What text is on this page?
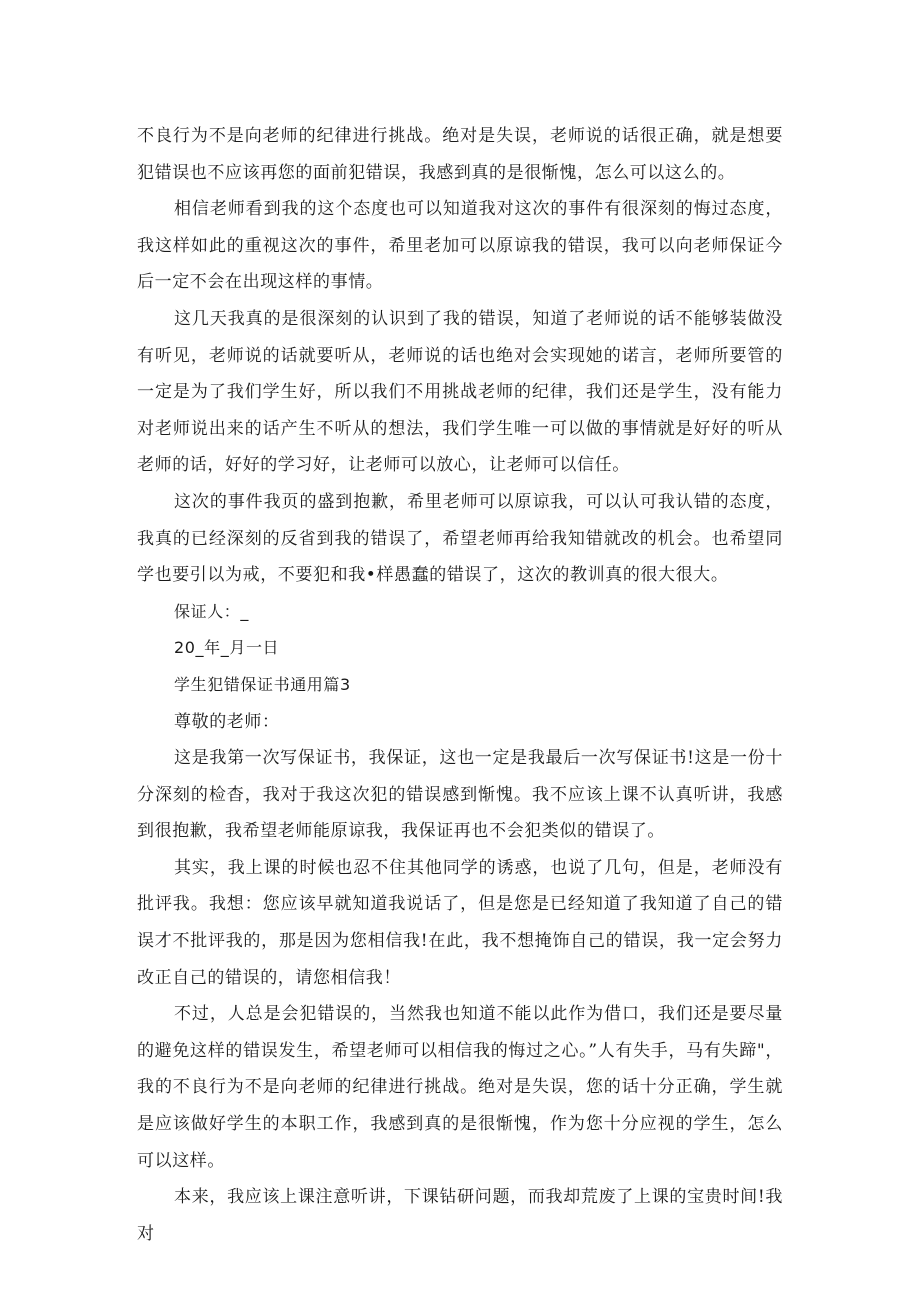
不良行为不是向老师的纪律进行挑战。绝对是失误，老师说的话很正确，就是想要犯错误也不应该再您的面前犯错误，我感到真的是很惭愧，怎么可以这么的。

相信老师看到我的这个态度也可以知道我对这次的事件有很深刻的悔过态度，我这样如此的重视这次的事件，希里老加可以原谅我的错误，我可以向老师保证今后一定不会在出现这样的事情。

这几天我真的是很深刻的认识到了我的错误，知道了老师说的话不能够装做没有听见，老师说的话就要听从，老师说的话也绝对会实现她的诺言，老师所要管的一定是为了我们学生好，所以我们不用挑战老师的纪律，我们还是学生，没有能力对老师说出来的话产生不听从的想法，我们学生唯一可以做的事情就是好好的听从老师的话，好好的学习好，让老师可以放心，让老师可以信任。

这次的事件我页的盛到抱歉，希里老师可以原谅我，可以认可我认错的态度，我真的已经深刻的反省到我的错误了，希望老师再给我知错就改的机会。也希望同学也要引以为戒，不要犯和我•样愚蠢的错误了，这次的教训真的很大很大。

保证人：_

20_年_月一日

学生犯错保证书通用篇3

尊敬的老师：

这是我第一次写保证书，我保证，这也一定是我最后一次写保证书!这是一份十分深刻的检杳，我对于我这次犯的错误感到惭愧。我不应该上课不认真听讲，我感到很抱歉，我希望老师能原谅我，我保证再也不会犯类似的错误了。

其实，我上课的时候也忍不住其他同学的诱惑，也说了几句，但是，老师没有批评我。我想：您应该早就知道我说话了，但是您是已经知道了我知道了自己的错误才不批评我的，那是因为您相信我!在此，我不想掩饰自己的错误，我一定会努力改正自己的错误的，请您相信我！

不过，人总是会犯错误的，当然我也知道不能以此作为借口，我们还是要尽量的避免这样的错误发生，希望老师可以相信我的悔过之心。”人有失手，马有失蹄"，我的不良行为不是向老师的纪律进行挑战。绝对是失误，您的话十分正确，学生就是应该做好学生的本职工作，我感到真的是很惭愧，作为您十分应视的学生，怎么可以这样。

本来，我应该上课注意听讲，下课钻研问题，而我却荒废了上课的宝贵时间!我对
